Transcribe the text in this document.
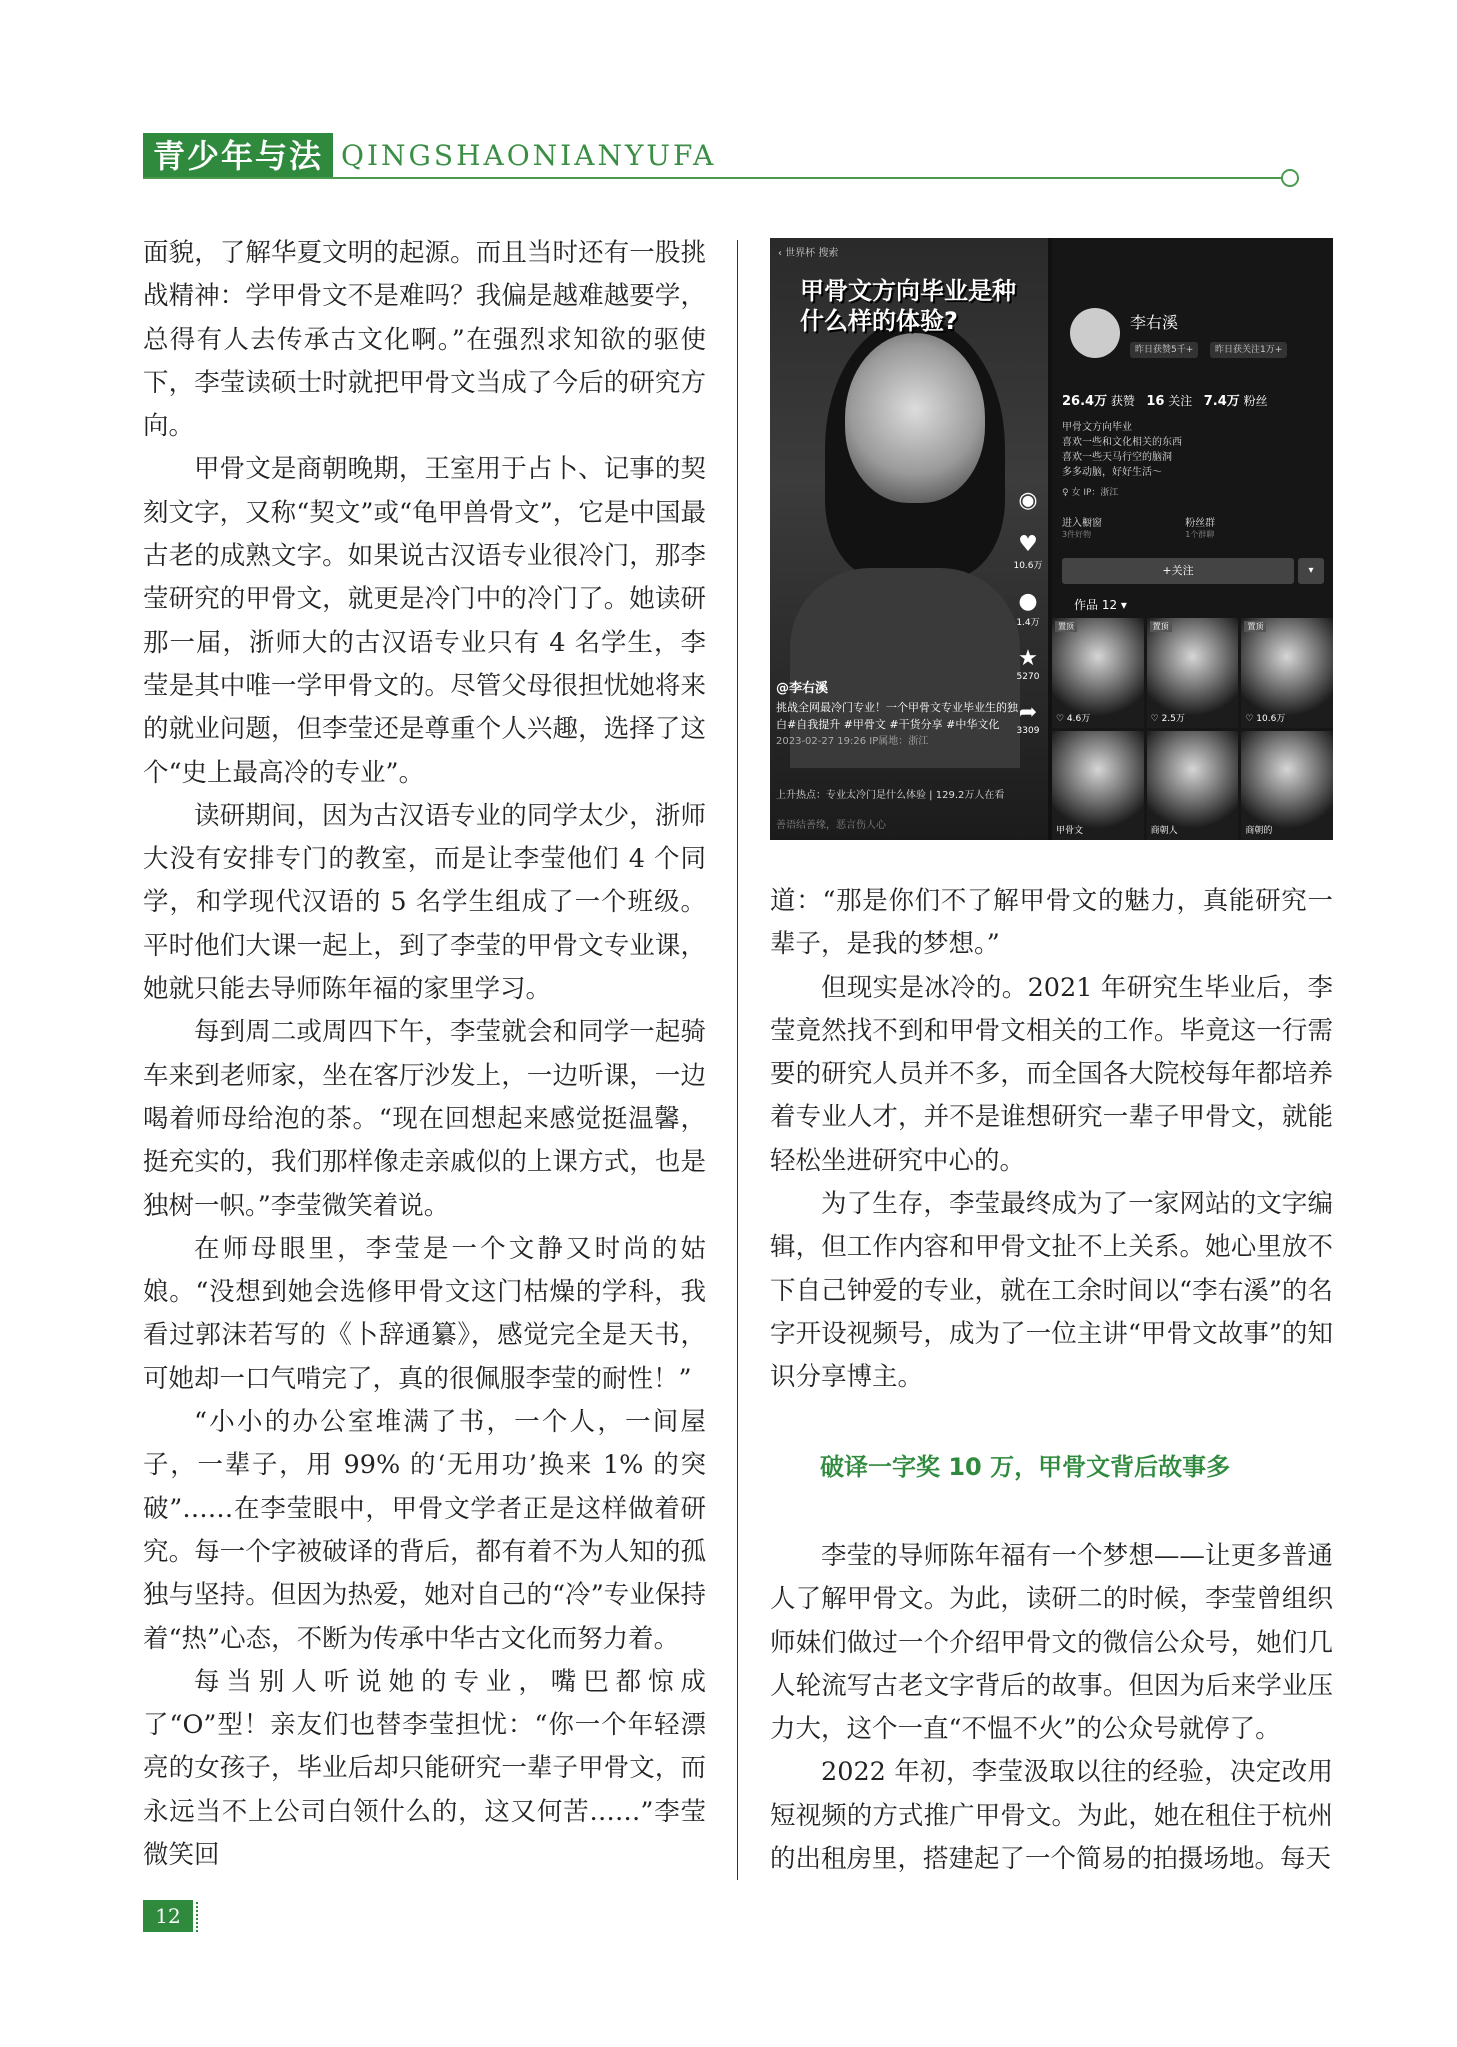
青少年与法 QINGSHAONIANYUFA

面貌，了解华夏文明的起源。而且当时还有一股挑战精神：学甲骨文不是难吗？我偏是越难越要学，总得有人去传承古文化啊。”在强烈求知欲的驱使下，李莹读硕士时就把甲骨文当成了今后的研究方向。

甲骨文是商朝晚期，王室用于占卜、记事的契刻文字，又称“契文”或“龟甲兽骨文”，它是中国最古老的成熟文字。如果说古汉语专业很冷门，那李莹研究的甲骨文，就更是冷门中的冷门了。她读研那一届，浙师大的古汉语专业只有 4 名学生，李莹是其中唯一学甲骨文的。尽管父母很担忧她将来的就业问题，但李莹还是尊重个人兴趣，选择了这个“史上最高冷的专业”。

读研期间，因为古汉语专业的同学太少，浙师大没有安排专门的教室，而是让李莹他们 4 个同学，和学现代汉语的 5 名学生组成了一个班级。平时他们大课一起上，到了李莹的甲骨文专业课，她就只能去导师陈年福的家里学习。

每到周二或周四下午，李莹就会和同学一起骑车来到老师家，坐在客厅沙发上，一边听课，一边喝着师母给泡的茶。“现在回想起来感觉挺温馨，挺充实的，我们那样像走亲戚似的上课方式，也是独树一帜。”李莹微笑着说。

在师母眼里，李莹是一个文静又时尚的姑娘。“没想到她会选修甲骨文这门枯燥的学科，我看过郭沫若写的《卜辞通纂》，感觉完全是天书，可她却一口气啃完了，真的很佩服李莹的耐性！”

“小小的办公室堆满了书，一个人，一间屋子，一辈子，用 99% 的‘无用功’换来 1% 的突破”……在李莹眼中，甲骨文学者正是这样做着研究。每一个字被破译的背后，都有着不为人知的孤独与坚持。但因为热爱，她对自己的“冷”专业保持着“热”心态，不断为传承中华古文化而努力着。

每当别人听说她的专业，嘴巴都惊成了“O”型！亲友们也替李莹担忧：“你一个年轻漂亮的女孩子，毕业后却只能研究一辈子甲骨文，而永远当不上公司白领什么的，这又何苦……”李莹微笑回

‹ 世界杯 搜索
甲骨文方向毕业是种什么样的体验?
◉
♥
10.6万
●
1.4万
★
5270
➦
3309
@李右溪
挑战全网最冷门专业！一个甲骨文专业毕业生的独白#自我提升 #甲骨文 #干货分享 #中华文化
2023-02-27 19:26 IP属地：浙江
上升热点：专业太冷门是什么体验 | 129.2万人在看
善语结善缘，恶言伤人心
李右溪
昨日获赞5千+	昨日获关注1万+
26.4万 获赞 16 关注 7.4万 粉丝
甲骨文方向毕业
喜欢一些和文化相关的东西
喜欢一些天马行空的脑洞
多多动脑，好好生活～
♀ 女 IP：浙江
进入橱窗
3件好物
粉丝群
1个群聊
+关注	▾
作品 12 ▾
置顶
♡ 4.6万
置顶
♡ 2.5万
置顶
♡ 10.6万
甲骨文	商朝人	商朝的

道：“那是你们不了解甲骨文的魅力，真能研究一辈子，是我的梦想。”

但现实是冰冷的。2021 年研究生毕业后，李莹竟然找不到和甲骨文相关的工作。毕竟这一行需要的研究人员并不多，而全国各大院校每年都培养着专业人才，并不是谁想研究一辈子甲骨文，就能轻松坐进研究中心的。

为了生存，李莹最终成为了一家网站的文字编辑，但工作内容和甲骨文扯不上关系。她心里放不下自己钟爱的专业，就在工余时间以“李右溪”的名字开设视频号，成为了一位主讲“甲骨文故事”的知识分享博主。

破译一字奖 10 万，甲骨文背后故事多

李莹的导师陈年福有一个梦想——让更多普通人了解甲骨文。为此，读研二的时候，李莹曾组织师妹们做过一个介绍甲骨文的微信公众号，她们几人轮流写古老文字背后的故事。但因为后来学业压力大，这个一直“不愠不火”的公众号就停了。

2022 年初，李莹汲取以往的经验，决定改用短视频的方式推广甲骨文。为此，她在租住于杭州的出租房里，搭建起了一个简易的拍摄场地。每天

12
